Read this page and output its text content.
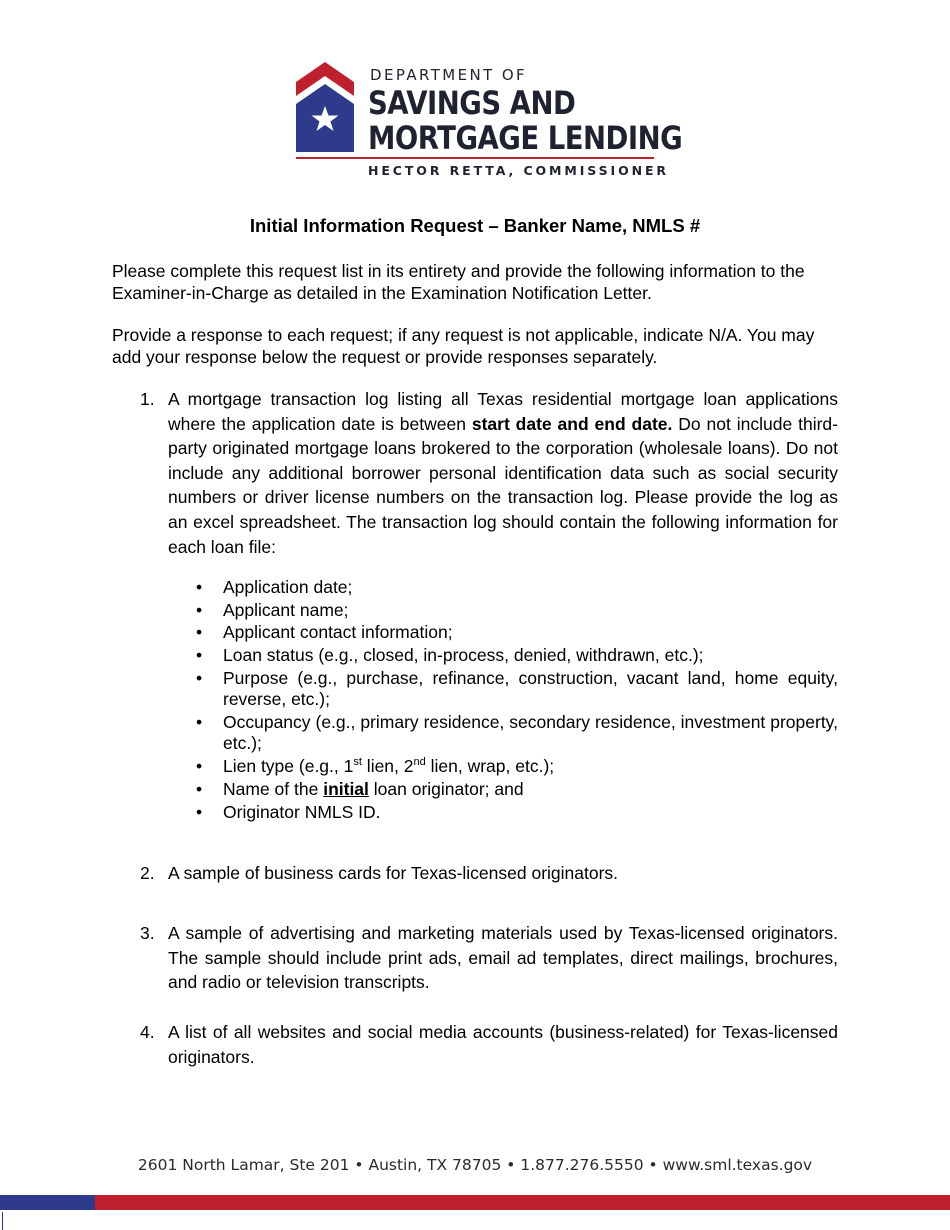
DEPARTMENT OF
SAVINGS AND
MORTGAGE LENDING
HECTOR RETTA, COMMISSIONER
Initial Information Request – Banker Name, NMLS #
Please complete this request list in its entirety and provide the following information to the Examiner-in-Charge as detailed in the Examination Notification Letter.
Provide a response to each request; if any request is not applicable, indicate N/A. You may add your response below the request or provide responses separately.
1. A mortgage transaction log listing all Texas residential mortgage loan applications where the application date is between start date and end date. Do not include third-party originated mortgage loans brokered to the corporation (wholesale loans). Do not include any additional borrower personal identification data such as social security numbers or driver license numbers on the transaction log. Please provide the log as an excel spreadsheet. The transaction log should contain the following information for each loan file:
• Application date;
• Applicant name;
• Applicant contact information;
• Loan status (e.g., closed, in-process, denied, withdrawn, etc.);
• Purpose (e.g., purchase, refinance, construction, vacant land, home equity, reverse, etc.);
• Occupancy (e.g., primary residence, secondary residence, investment property, etc.);
• Lien type (e.g., 1st lien, 2nd lien, wrap, etc.);
• Name of the initial loan originator; and
• Originator NMLS ID.
2. A sample of business cards for Texas-licensed originators.
3. A sample of advertising and marketing materials used by Texas-licensed originators. The sample should include print ads, email ad templates, direct mailings, brochures, and radio or television transcripts.
4. A list of all websites and social media accounts (business-related) for Texas-licensed originators.
2601 North Lamar, Ste 201 • Austin, TX 78705 • 1.877.276.5550 • www.sml.texas.gov
